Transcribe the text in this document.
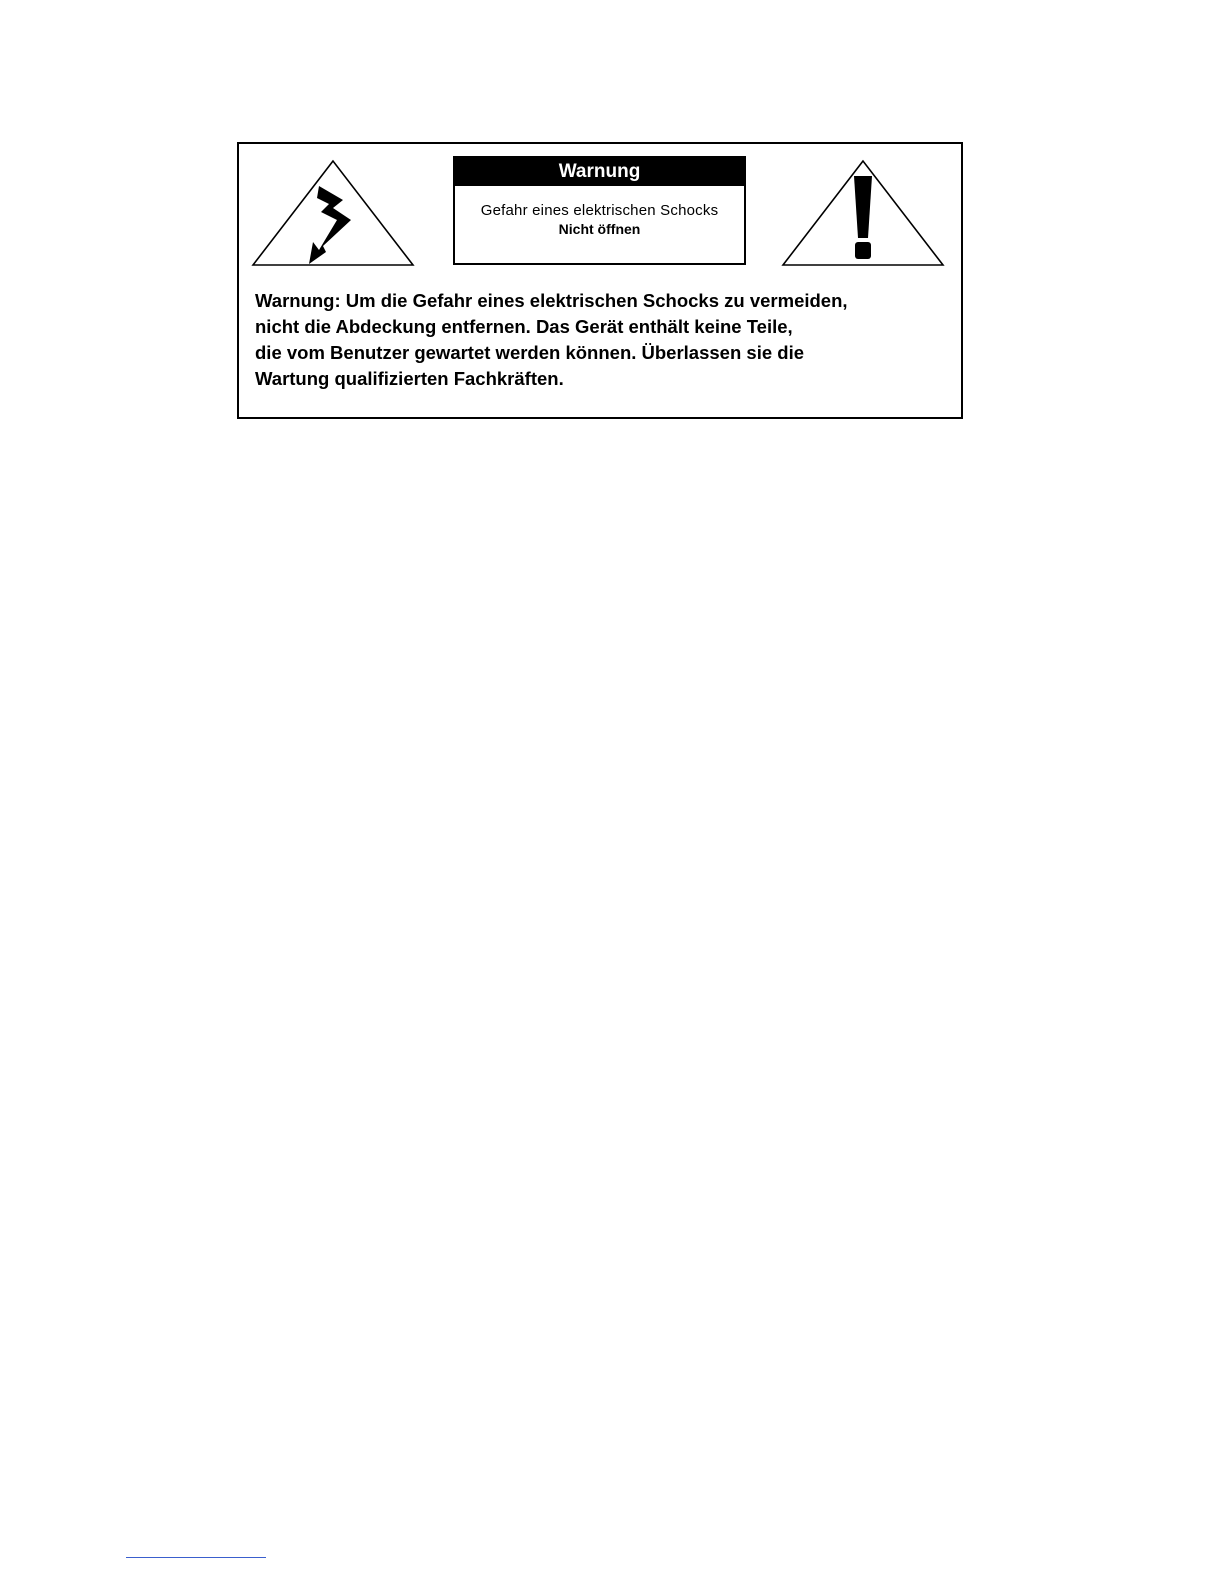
Warnung
Gefahr eines elektrischen Schocks
Nicht öffnen
Warnung: Um die Gefahr eines elektrischen Schocks zu vermeiden,
nicht die Abdeckung entfernen. Das Gerät enthält keine Teile,
die vom Benutzer gewartet werden können. Überlassen sie die
Wartung qualifizierten Fachkräften.
